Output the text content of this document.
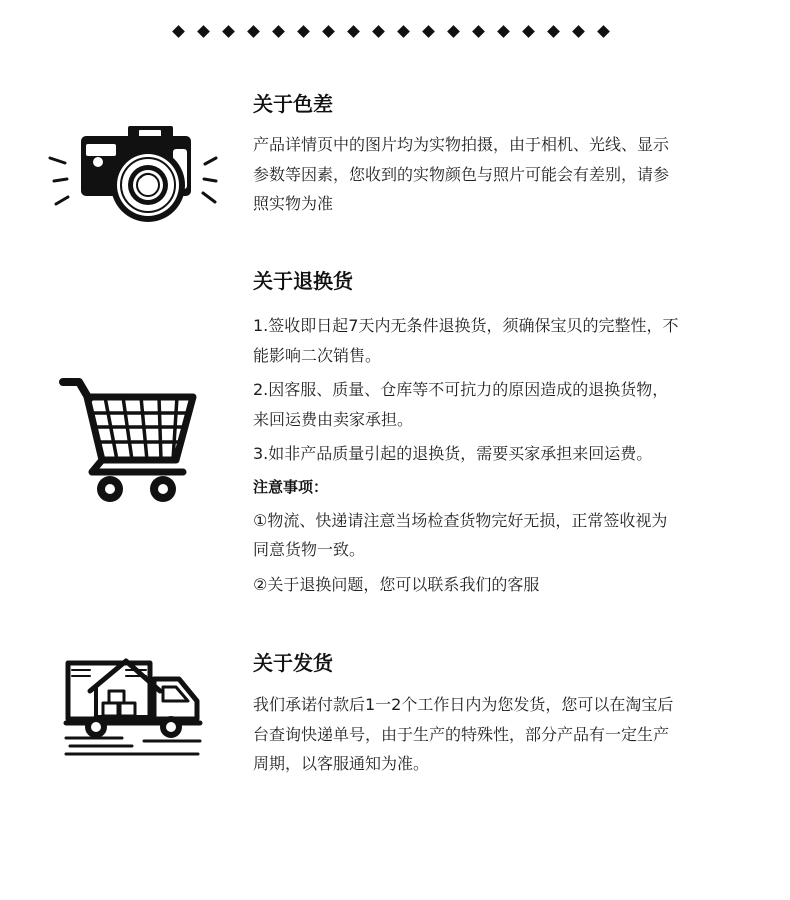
关于色差

产品详情页中的图片均为实物拍摄，由于相机、光线、显示

参数等因素，您收到的实物颜色与照片可能会有差别，请参

照实物为准

关于退换货

1.签收即日起7天内无条件退换货，须确保宝贝的完整性，不

能影响二次销售。

2.因客服、质量、仓库等不可抗力的原因造成的退换货物，

来回运费由卖家承担。

3.如非产品质量引起的退换货，需要买家承担来回运费。

注意事项：

①物流、快递请注意当场检查货物完好无损，正常签收视为

同意货物一致。

②关于退换问题，您可以联系我们的客服

关于发货

我们承诺付款后1一2个工作日内为您发货，您可以在淘宝后

台查询快递单号，由于生产的特殊性，部分产品有一定生产

周期，以客服通知为准。
